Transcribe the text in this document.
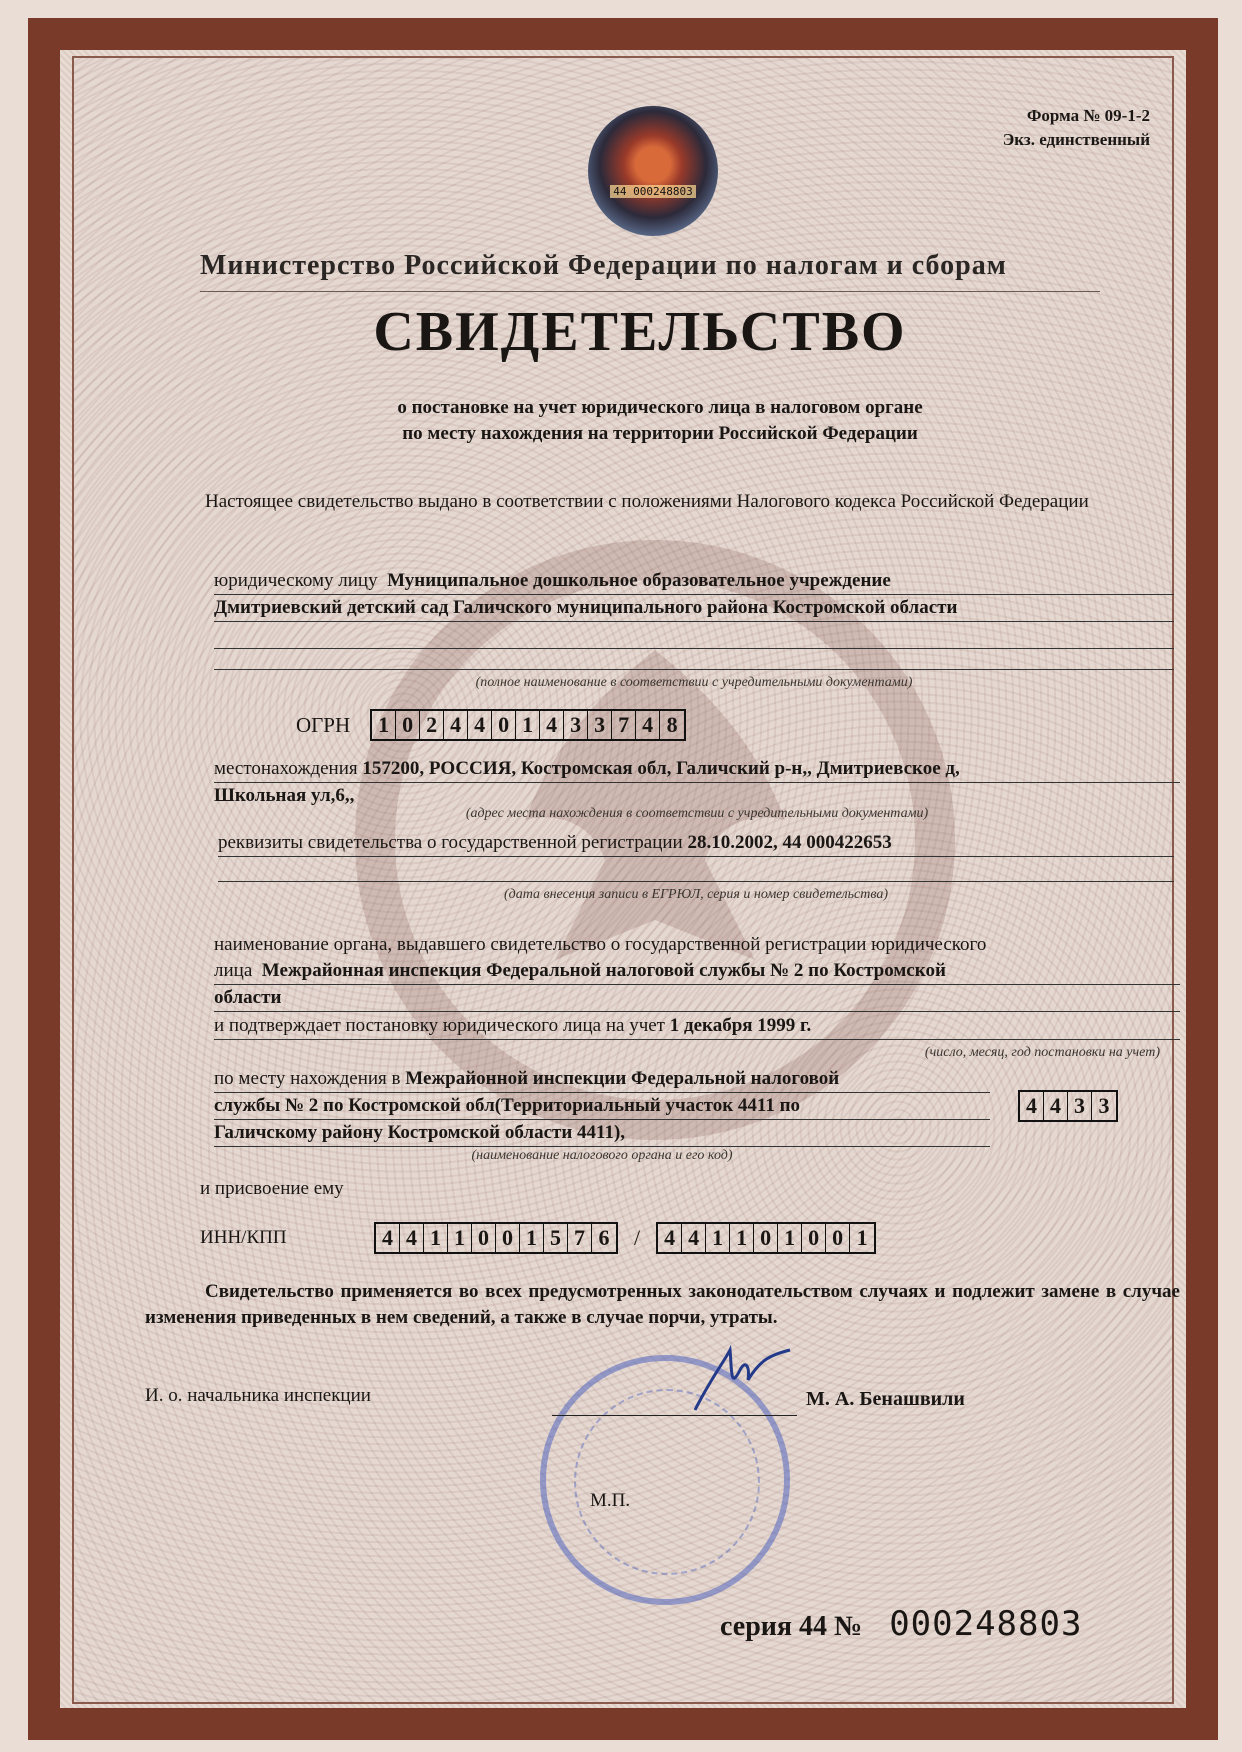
Форма № 09-1-2
Экз. единственный
44 000248803
Министерство Российской Федерации по налогам и сборам
СВИДЕТЕЛЬСТВО
о постановке на учет юридического лица в налоговом органе
по месту нахождения на территории Российской Федерации
Настоящее свидетельство выдано в соответствии с положениями Налогового кодекса Российской Федерации
юридическому лицу Муниципальное дошкольное образовательное учреждение
Дмитриевский детский сад Галичского муниципального района Костромской области
(полное наименование в соответствии с учредительными документами)
ОГРН 1 0 2 4 4 0 1 4 3 3 7 4 8
местонахождения 157200, РОССИЯ, Костромская обл, Галичский р-н,, Дмитриевское д,
Школьная ул,6,,
(адрес места нахождения в соответствии с учредительными документами)
реквизиты свидетельства о государственной регистрации 28.10.2002, 44 000422653
(дата внесения записи в ЕГРЮЛ, серия и номер свидетельства)
наименование органа, выдавшего свидетельство о государственной регистрации юридического
лица Межрайонная инспекция Федеральной налоговой службы № 2 по Костромской
области
и подтверждает постановку юридического лица на учет 1 декабря 1999 г.
(число, месяц, год постановки на учет)
по месту нахождения в Межрайонной инспекции Федеральной налоговой
службы № 2 по Костромской обл(Территориальный участок 4411 по
Галичскому району Костромской области 4411),
(наименование налогового органа и его код)
4 4 3 3
и присвоение ему
ИНН/КПП	4 4 1 1 0 0 1 5 7 6 / 4 4 1 1 0 1 0 0 1
Свидетельство применяется во всех предусмотренных законодательством случаях и подлежит замене в случае изменения приведенных в нем сведений, а также в случае порчи, утраты.
И. о. начальника инспекции	М. А. Бенашвили
М.П.
серия 44 № 000248803
